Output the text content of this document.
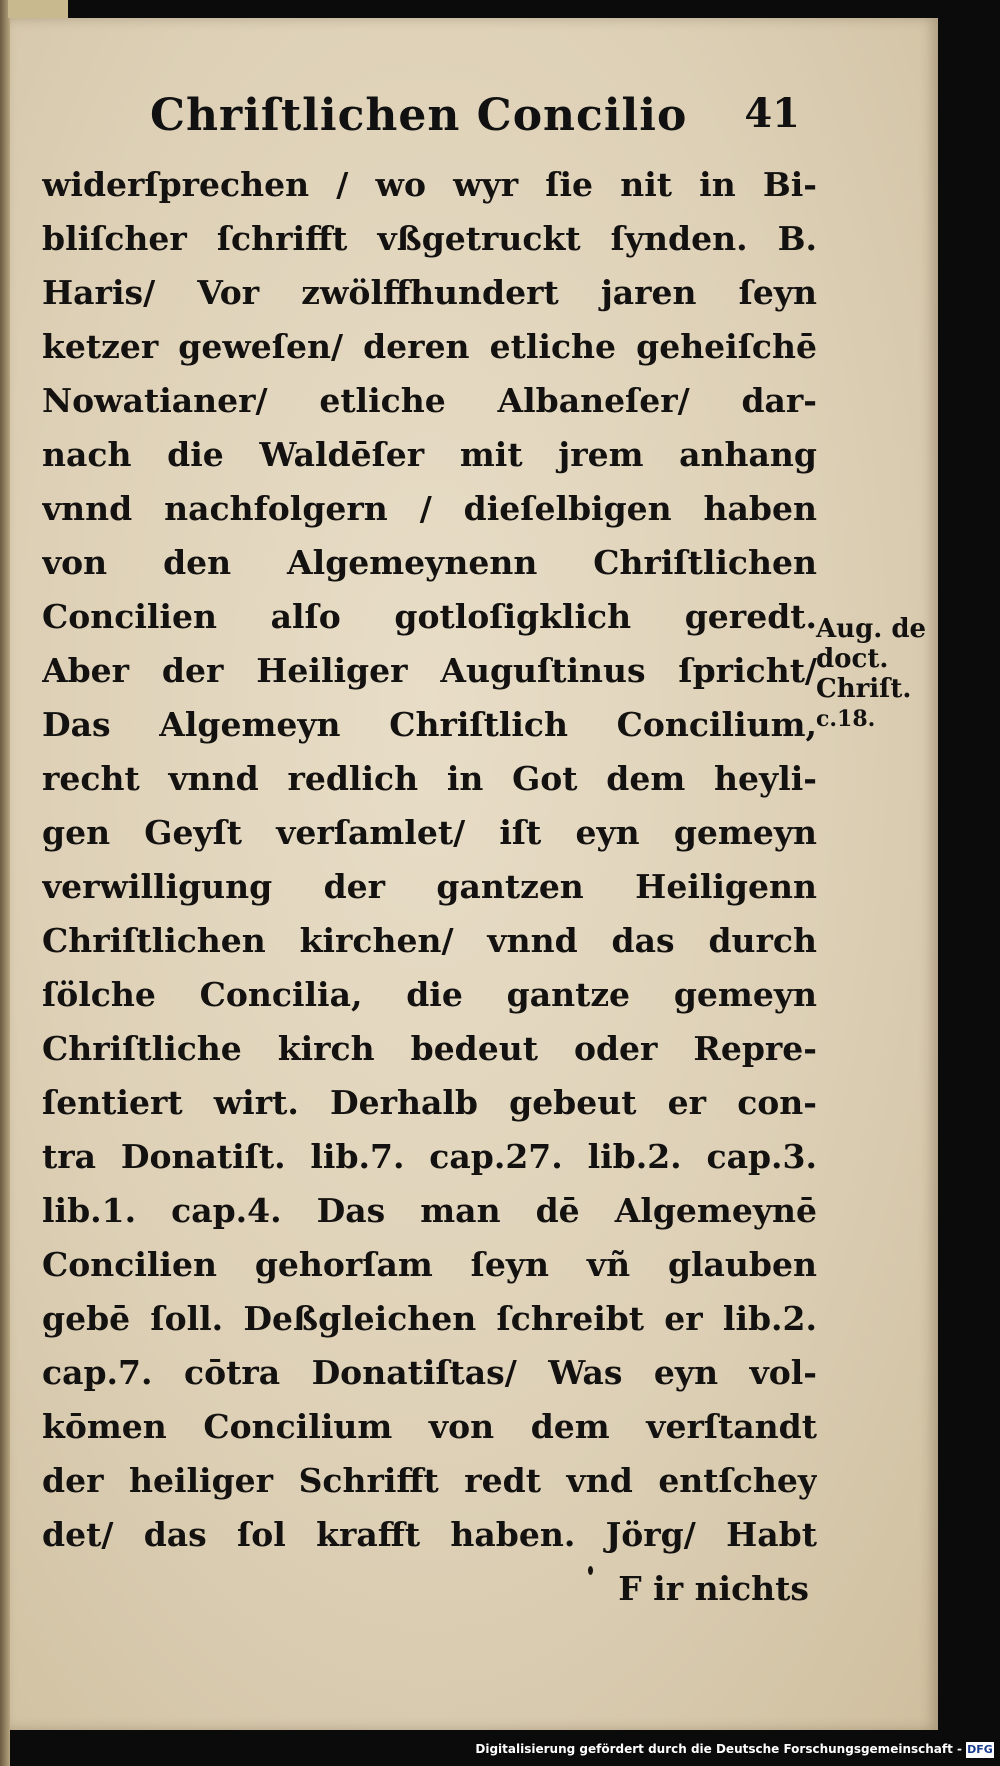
Chriſtlichen Concilio 41
widerſprechen / wo wyr ſie nit in Bi-
bliſcher ſchrifft vßgetruckt ſynden. B.
Haris/ Vor zwölffhundert jaren ſeyn
ketzer geweſen/ deren etliche geheiſchē
Nowatianer/ etliche Albaneſer/ dar-
nach die Waldēſer mit jrem anhang
vnnd nachfolgern / dieſelbigen haben
von den Algemeynenn Chriſtlichen
Concilien alſo gotloſigklich geredt.
Aber der Heiliger Auguſtinus ſpricht/
Das Algemeyn Chriſtlich Concilium,
recht vnnd redlich in Got dem heyli-
gen Geyſt verſamlet/ iſt eyn gemeyn
verwilligung der gantzen Heiligenn
Chriſtlichen kirchen/ vnnd das durch
ſölche Concilia, die gantze gemeyn
Chriſtliche kirch bedeut oder Repre-
ſentiert wirt. Derhalb gebeut er con-
tra Donatiſt. lib.7. cap.27. lib.2. cap.3.
lib.1. cap.4. Das man dē Algemeynē
Concilien gehorſam ſeyn vñ glauben
gebē ſoll. Deßgleichen ſchreibt er lib.2.
cap.7. cōtra Donatiſtas/ Was eyn vol-
kōmen Concilium von dem verſtandt
der heiliger Schrifft redt vnd entſchey
det/ das ſol krafft haben. Jörg/ Habt
F ir nichts
Aug. de
doct.
Chriſt.
c.18.
Digitalisierung gefördert durch die Deutsche Forschungsgemeinschaft - DFG
